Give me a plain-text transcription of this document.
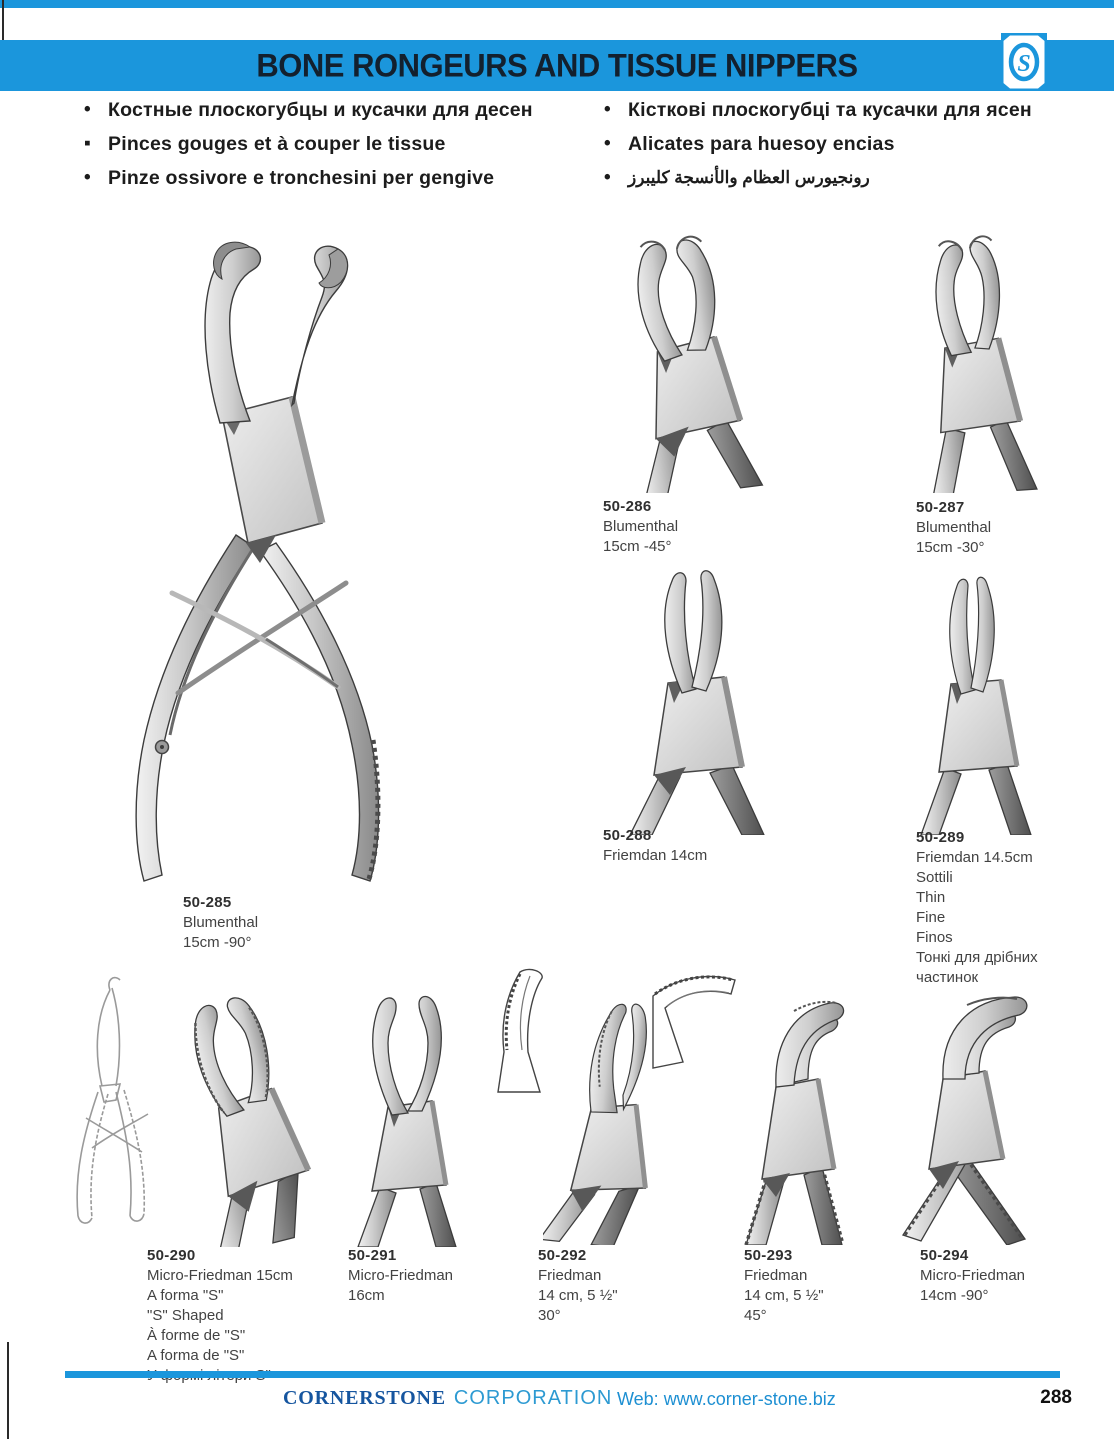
BONE RONGEURS AND TISSUE NIPPERS	S
• Костные плоскогубцы и кусачки для десен
▪ Pinces gouges et à couper le tissue
• Pinze ossivore e tronchesini per gengive
• Кісткові плоскогубці та кусачки для ясен
• Alicates para huesoy encias
•	رونجيورس العظام والأنسجة كليبرز
50-285
Blumenthal
15cm -90°
50-286
Blumenthal
15cm -45°
50-287
Blumenthal
15cm -30°
50-288
Friemdan 14cm
50-289
Friemdan 14.5cm
Sottili
Thin
Fine
Finos
Тонкі для дрібних
частинок
50-290
Micro-Friedman 15cm
A forma "S"
"S" Shaped
À forme de "S"
A forma de "S"
50-291
Micro-Friedman
16cm
50-292
Friedman
14 cm, 5 ½"
30°
50-293
Friedman
14 cm, 5 ½"
45°
50-294
Micro-Friedman
14cm -90°
CORNERSTONE CORPORATION Web: www.corner-stone.biz	288
